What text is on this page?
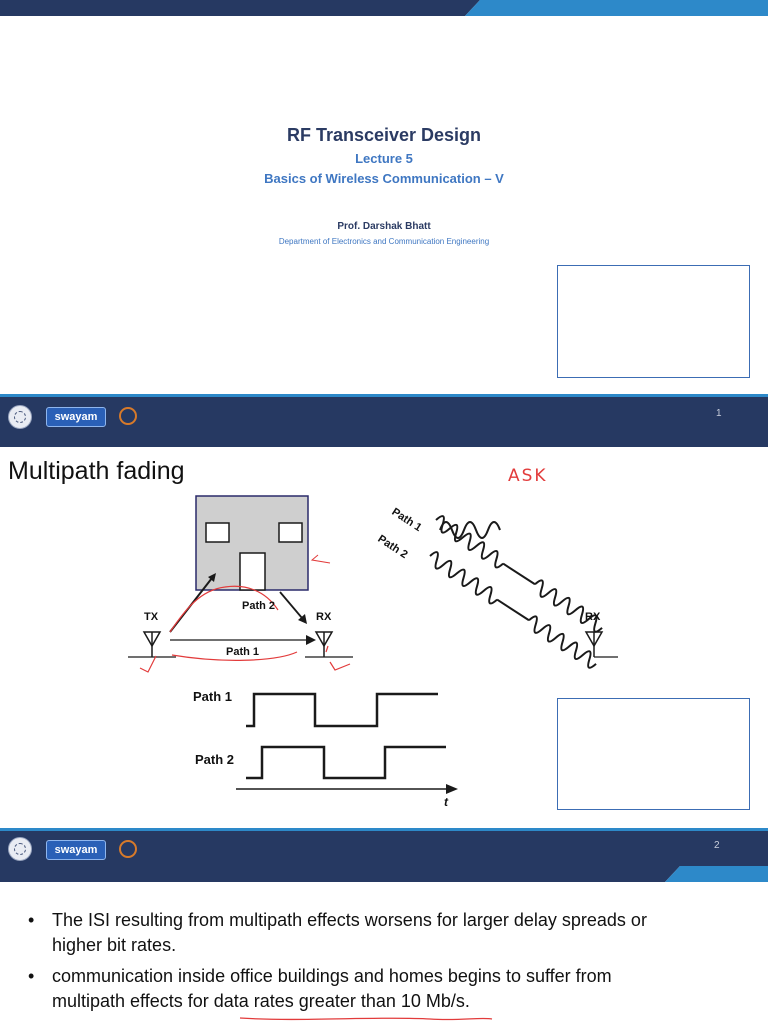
RF Transceiver Design
Lecture 5
Basics of Wireless Communication – V
Prof. Darshak Bhatt
Department of Electronics and Communication Engineering
swayam	1
Multipath fading	ASK
TX	RX
Path 2
Path 1
RX
Path 1
Path 2
Path 1
Path 2
t
swayam	2
• The ISI resulting from multipath effects worsens for larger delay spreads or
higher bit rates.
• communication inside office buildings and homes begins to suffer from
multipath effects for data rates greater than 10 Mb/s.
